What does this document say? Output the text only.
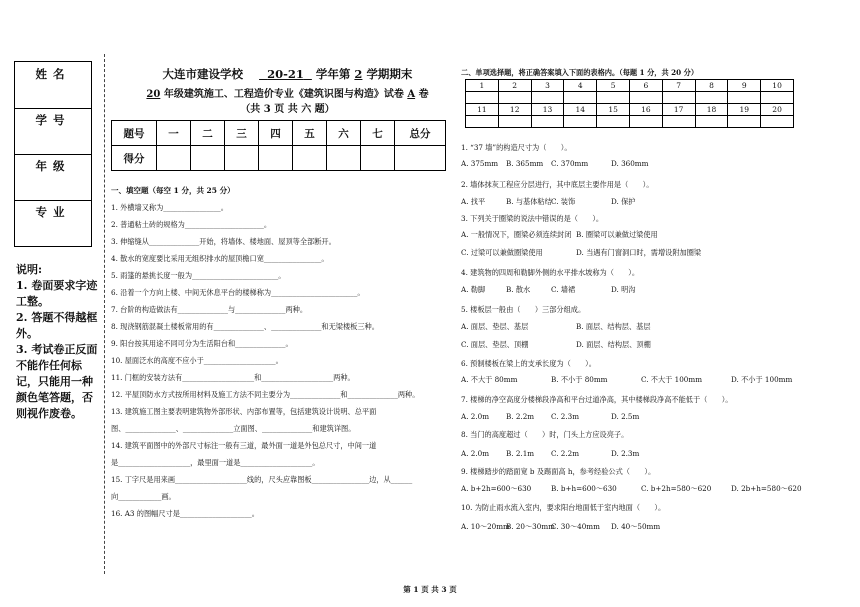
姓名
学号
年级
专业
说明:
1. 卷面要求字迹工整。
2. 答题不得越框外。
3. 考试卷正反面不能作任何标记，只能用一种颜色笔答题，否则视作废卷。
大连市建设学校 20-21 学年第 2 学期期末
20 年级建筑施工、工程造价专业《建筑识图与构造》试卷 A 卷
（共 3 页 共 六 题）
题号	一	二	三	四	五	六	七	总分
得分								
一、填空题（每空 1 分，共 25 分）
1. 外横墙又称为________________。
2. 普通粘土砖的规格为______________________。
3. 伸缩缝从______________开始，将墙体、楼地面、屋顶等全部断开。
4. 散水的宽度要比采用无组织排水的屋顶檐口宽________________。
5. 雨篷的悬挑长度一般为________________________。
6. 沿着一个方向上楼、中间无休息平台的楼梯称为________________________。
7. 台阶的构造做法有______________与______________两种。
8. 现浇钢筋混凝土楼板常用的有______________、______________和无梁楼板三种。
9. 阳台按其用途不同可分为生活阳台和______________。
10. 屋面泛水的高度不应小于____________________。
11. 门框的安装方法有____________________和____________________两种。
12. 平屋顶防水方式按所用材料及施工方法不同主要分为______________和______________两种。
13. 建筑施工图主要表明建筑物外部形状、内部布置等，包括建筑设计说明、总平面
图、______________、______________立面图、______________和建筑详图。
14. 建筑平面图中的外部尺寸标注一般有三道，最外面一道是外包总尺寸，中间一道
是____________________，最里面一道是____________________。
15. 丁字尺是用来画____________________线的，尺头应靠图板________________边，从______
向____________画。
16. A3 的图幅尺寸是____________________。
二、单项选择题，将正确答案填入下面的表格内。（每题 1 分，共 20 分）
1	2	3	4	5	6	7	8	9	10

11	12	13	14	15	16	17	18	19	20

1. “37 墙”的构造尺寸为（　　）。
A. 375mm B. 365mm C. 370mm	D. 360mm
2. 墙体抹灰工程应分层进行，其中底层主要作用是（　　）。
A. 找平	B. 与基体粘结C. 装饰	D. 保护
3. 下列关于圈梁的说法中错误的是（　　）。
A. 一般情况下，圈梁必须连续封闭 B. 圈梁可以兼做过梁使用
C. 过梁可以兼做圈梁使用	D. 当遇有门窗洞口时，需增设附加圈梁
4. 建筑物的四周和勒脚外侧的水平排水坡称为（　　）。
A. 勒脚	B. 散水	C. 墙裙	D. 明沟
5. 楼板层一般由（　　）三部分组成。
A. 面层、垫层、基层	B. 面层、结构层、基层
C. 面层、垫层、顶棚	D. 面层、结构层、顶棚
6. 预制楼板在梁上的支承长度为（　　）。
A. 不大于 80mm	B. 不小于 80mm	C. 不大于 100mm	D. 不小于 100mm
7. 楼梯的净空高度分楼梯段净高和平台过道净高，其中楼梯段净高不能低于（　　）。
A. 2.0m B. 2.2m C. 2.3m	D. 2.5m
8. 当门的高度超过（　　）时，门头上方应设亮子。
A. 2.0m B. 2.1m C. 2.2m	D. 2.3m
9. 楼梯踏步的踏面宽 b 及踢面高 h，参考经验公式（　　）。
A. b+2h=600～630	B. b+h=600～630	C. b+2h=580～620	D. 2b+h=580～620
10. 为防止雨水流入室内，要求阳台地面低于室内地面（　　）。
A. 10～20mmB. 20～30mmC. 30～40mm D. 40～50mm
第 1 页 共 3 页
